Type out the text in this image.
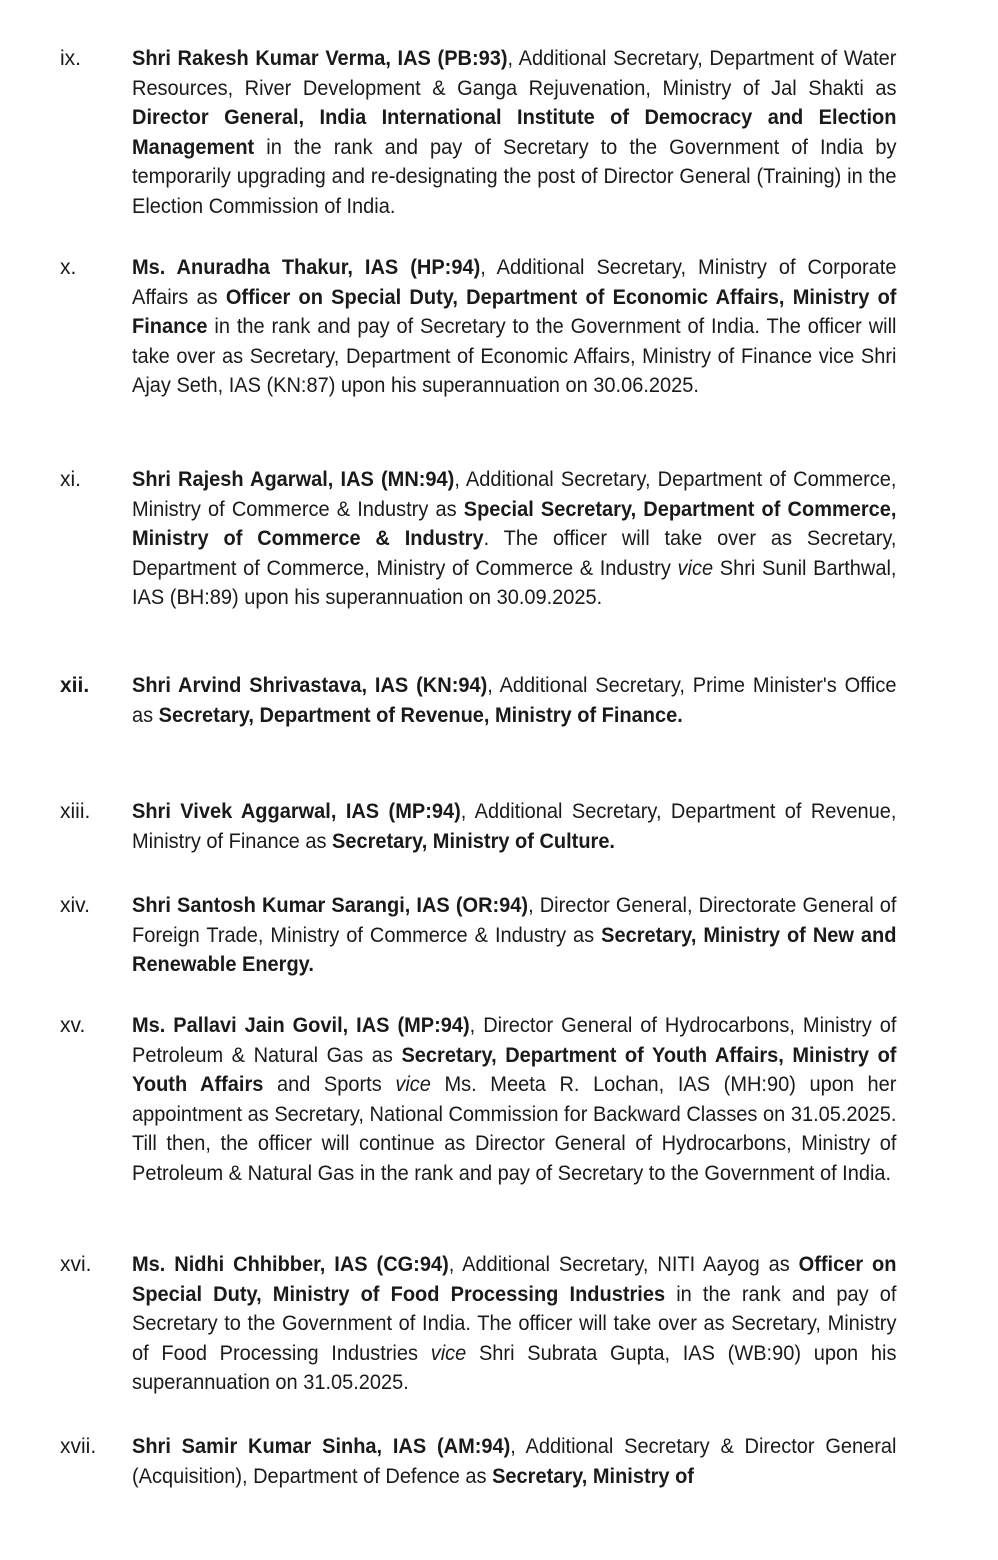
ix.	Shri Rakesh Kumar Verma, IAS (PB:93), Additional Secretary, Department of Water Resources, River Development & Ganga Rejuvenation, Ministry of Jal Shakti as Director General, India International Institute of Democracy and Election Management in the rank and pay of Secretary to the Government of India by temporarily upgrading and re-designating the post of Director General (Training) in the Election Commission of India.
x.	Ms. Anuradha Thakur, IAS (HP:94), Additional Secretary, Ministry of Corporate Affairs as Officer on Special Duty, Department of Economic Affairs, Ministry of Finance in the rank and pay of Secretary to the Government of India. The officer will take over as Secretary, Department of Economic Affairs, Ministry of Finance vice Shri Ajay Seth, IAS (KN:87) upon his superannuation on 30.06.2025.
xi.	Shri Rajesh Agarwal, IAS (MN:94), Additional Secretary, Department of Commerce, Ministry of Commerce & Industry as Special Secretary, Department of Commerce, Ministry of Commerce & Industry. The officer will take over as Secretary, Department of Commerce, Ministry of Commerce & Industry vice Shri Sunil Barthwal, IAS (BH:89) upon his superannuation on 30.09.2025.
xii.	Shri Arvind Shrivastava, IAS (KN:94), Additional Secretary, Prime Minister's Office as Secretary, Department of Revenue, Ministry of Finance.
xiii.	Shri Vivek Aggarwal, IAS (MP:94), Additional Secretary, Department of Revenue, Ministry of Finance as Secretary, Ministry of Culture.
xiv.	Shri Santosh Kumar Sarangi, IAS (OR:94), Director General, Directorate General of Foreign Trade, Ministry of Commerce & Industry as Secretary, Ministry of New and Renewable Energy.
xv.	Ms. Pallavi Jain Govil, IAS (MP:94), Director General of Hydrocarbons, Ministry of Petroleum & Natural Gas as Secretary, Department of Youth Affairs, Ministry of Youth Affairs and Sports vice Ms. Meeta R. Lochan, IAS (MH:90) upon her appointment as Secretary, National Commission for Backward Classes on 31.05.2025. Till then, the officer will continue as Director General of Hydrocarbons, Ministry of Petroleum & Natural Gas in the rank and pay of Secretary to the Government of India.
xvi.	Ms. Nidhi Chhibber, IAS (CG:94), Additional Secretary, NITI Aayog as Officer on Special Duty, Ministry of Food Processing Industries in the rank and pay of Secretary to the Government of India. The officer will take over as Secretary, Ministry of Food Processing Industries vice Shri Subrata Gupta, IAS (WB:90) upon his superannuation on 31.05.2025.
xvii.	Shri Samir Kumar Sinha, IAS (AM:94), Additional Secretary & Director General (Acquisition), Department of Defence as Secretary, Ministry of
